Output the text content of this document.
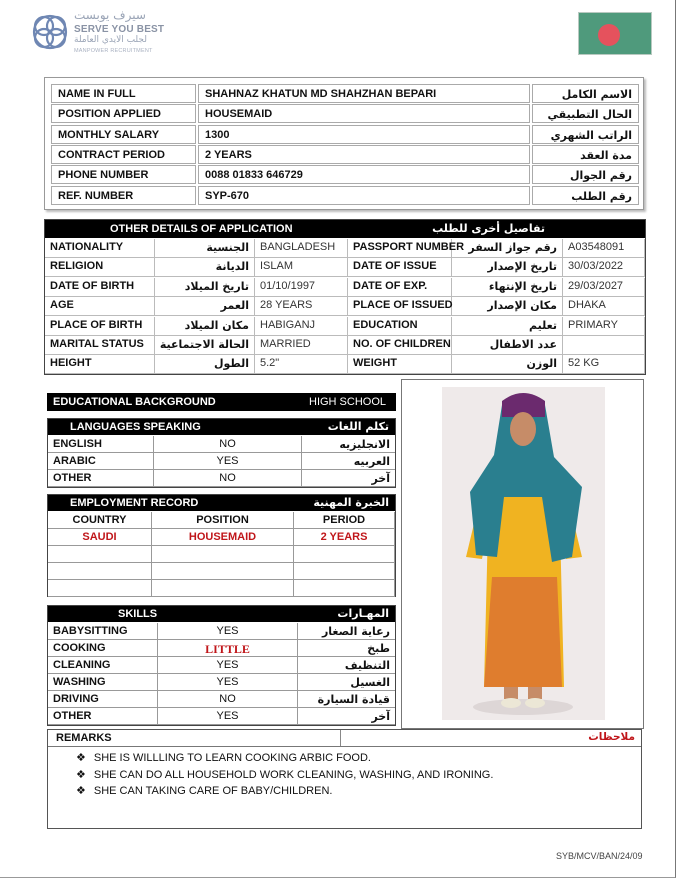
سيرف يوبست
SERVE YOU BEST
لجلب الايدي العاملة
MANPOWER RECRUITMENT
NAME IN FULL	SHAHNAZ KHATUN MD SHAHZHAN BEPARI	الاسم الكامل
POSITION APPLIED	HOUSEMAID	الحال التطبيقي
MONTHLY SALARY	1300	الراتب الشهري
CONTRACT PERIOD	2 YEARS	مدة العقد
PHONE NUMBER	0088 01833 646729	رقم الجوال
REF. NUMBER	SYP-670	رقم الطلب
OTHER DETAILS OF APPLICATION	تفاصيل أخرى للطلب
NATIONALITY	الجنسية	BANGLADESH	PASSPORT NUMBER رقم جواز السفر	A03548091
RELIGION	الديانة	ISLAM	DATE OF ISSUE	تاريخ الإصدار	30/03/2022
DATE OF BIRTH	تاريخ الميلاد	01/10/1997	DATE OF EXP.	تاريخ الإنتهاء	29/03/2027
AGE	العمر	28 YEARS	PLACE OF ISSUED	مكان الإصدار	DHAKA
PLACE OF BIRTH	مكان الميلاد	HABIGANJ	EDUCATION	تعليم	PRIMARY
MARITAL STATUS	الحالة الاجتماعية	MARRIED	NO. OF CHILDREN	عدد الاطفال
HEIGHT	الطول	5.2"	WEIGHT	الوزن	52 KG
EDUCATIONAL BACKGROUND	HIGH SCHOOL
LANGUAGES SPEAKING	تكلم اللغات
ENGLISH	NO	الانجليزيه
ARABIC	YES	العربيه
OTHER	NO	آخر
EMPLOYMENT RECORD	الخبرة المهنية
COUNTRY	POSITION	PERIOD
SAUDI	HOUSEMAID	2 YEARS
SKILLS	المهـارات
BABYSITTING	YES	رعاية الصغار
COOKING	LITTLE	طبخ
CLEANING	YES	التنظيف
WASHING	YES	الغسيل
DRIVING	NO	قيادة السيارة
OTHER	YES	آخر
REMARKS	ملاحظات
❖ SHE IS WILLLING TO LEARN COOKING ARBIC FOOD.
❖ SHE CAN DO ALL HOUSEHOLD WORK CLEANING, WASHING, AND IRONING.
❖ SHE CAN TAKING CARE OF BABY/CHILDREN.
SYB/MCV/BAN/24/09
